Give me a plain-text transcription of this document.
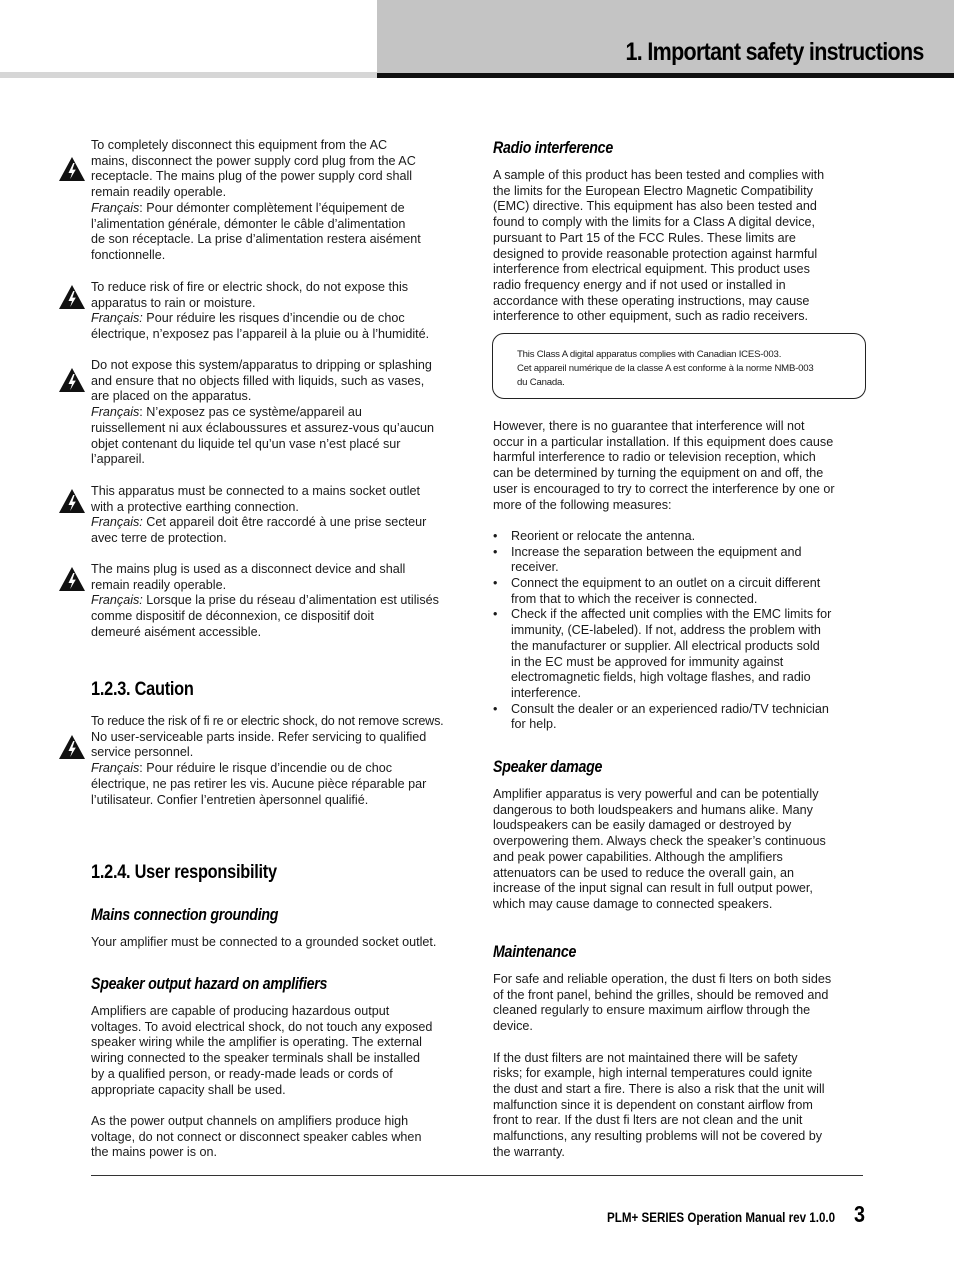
1. Important safety instructions

To completely disconnect this equipment from the AC

mains, disconnect the power supply cord plug from the AC

receptacle. The mains plug of the power supply cord shall

remain readily operable.

Français: Pour démonter complètement l’équipement de

l’alimentation générale, démonter le câble d’alimentation

de son réceptacle. La prise d’alimentation restera aisément

fonctionnelle.

To reduce risk of fire or electric shock, do not expose this

apparatus to rain or moisture.

Français: Pour réduire les risques d’incendie ou de choc

électrique, n’exposez pas l’appareil à la pluie ou à l’humidité.

Do not expose this system/apparatus to dripping or splashing

and ensure that no objects filled with liquids, such as vases,

are placed on the apparatus.

Français: N’exposez pas ce système/appareil au

ruissellement ni aux éclaboussures et assurez-vous qu’aucun

objet contenant du liquide tel qu’un vase n’est placé sur

l’appareil.

This apparatus must be connected to a mains socket outlet

with a protective earthing connection.

Français: Cet appareil doit être raccordé à une prise secteur

avec terre de protection.

The mains plug is used as a disconnect device and shall

remain readily operable.

Français: Lorsque la prise du réseau d’alimentation est utilisés

comme dispositif de déconnexion, ce dispositif doit

demeuré aisément accessible.

1.2.3. Caution

To reduce the risk of fi re or electric shock, do not remove screws.

No user-serviceable parts inside. Refer servicing to qualified

service personnel.

Français: Pour réduire le risque d’incendie ou de choc

électrique, ne pas retirer les vis. Aucune pièce réparable par

l’utilisateur. Confier l’entretien àpersonnel qualifié.

1.2.4. User responsibility
Mains connection grounding

Your amplifier must be connected to a grounded socket outlet.

Speaker output hazard on amplifiers

Amplifiers are capable of producing hazardous output

voltages. To avoid electrical shock, do not touch any exposed

speaker wiring while the amplifier is operating. The external

wiring connected to the speaker terminals shall be installed

by a qualified person, or ready-made leads or cords of

appropriate capacity shall be used.

As the power output channels on amplifiers produce high

voltage, do not connect or disconnect speaker cables when

the mains power is on.

Radio interference

A sample of this product has been tested and complies with

the limits for the European Electro Magnetic Compatibility

(EMC) directive. This equipment has also been tested and

found to comply with the limits for a Class A digital device,

pursuant to Part 15 of the FCC Rules. These limits are

designed to provide reasonable protection against harmful

interference from electrical equipment. This product uses

radio frequency energy and if not used or installed in

accordance with these operating instructions, may cause

interference to other equipment, such as radio receivers.

This Class A digital apparatus complies with Canadian ICES-003.
Cet appareil numérique de la classe A est conforme à la norme NMB-003
du Canada.

However, there is no guarantee that interference will not

occur in a particular installation. If this equipment does cause

harmful interference to radio or television reception, which

can be determined by turning the equipment on and off, the

user is encouraged to try to correct the interference by one or

more of the following measures:

• Reorient or relocate the antenna.
• Increase the separation between the equipment and
receiver.
• Connect the equipment to an outlet on a circuit different
from that to which the receiver is connected.
• Check if the affected unit complies with the EMC limits for
immunity, (CE-labeled). If not, address the problem with
the manufacturer or supplier. All electrical products sold
in the EC must be approved for immunity against
electromagnetic fields, high voltage flashes, and radio
interference.
• Consult the dealer or an experienced radio/TV technician
for help.
Speaker damage

Amplifier apparatus is very powerful and can be potentially

dangerous to both loudspeakers and humans alike. Many

loudspeakers can be easily damaged or destroyed by

overpowering them. Always check the speaker’s continuous

and peak power capabilities. Although the amplifiers

attenuators can be used to reduce the overall gain, an

increase of the input signal can result in full output power,

which may cause damage to connected speakers.

Maintenance

For safe and reliable operation, the dust fi lters on both sides

of the front panel, behind the grilles, should be removed and

cleaned regularly to ensure maximum airflow through the

device.

If the dust filters are not maintained there will be safety

risks; for example, high internal temperatures could ignite

the dust and start a fire. There is also a risk that the unit will

malfunction since it is dependent on constant airflow from

front to rear. If the dust fi lters are not clean and the unit

malfunctions, any resulting problems will not be covered by

the warranty.

PLM+ SERIES Operation Manual rev 1.0.0 3
